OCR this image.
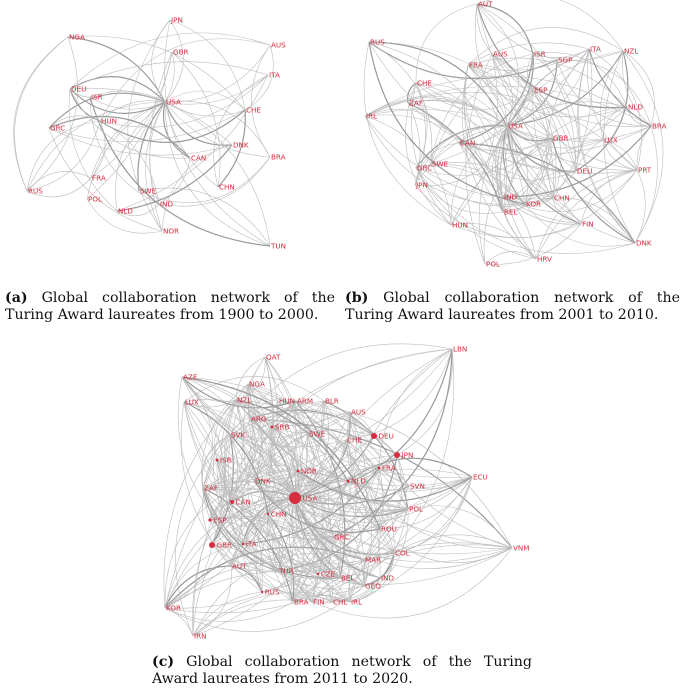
JPN
NGA
GBR
AUS
ITA
DEU
ISR
USA
CHE
GRC
HUN
DNK
CAN	BRA
FRA
RUS	SWE	CHN
POL
NLD
IND
NOR
TUN
AUT
RUS
AUS	ISR
ITA	NZL
SGP
FRA
CHE
ESP
ZAF	NLD
IRL
USA	BRA
LUX
GBR
CAN
SWE
GRC	DEU	PRT
JPN
IND	CHN
BEL
KOR
FIN
HUN
DNK
POL
HRV
LBN
QAT
AZE
NGA
LUX	NZL	HUN ARM BLR
AUS
ARG
SRB
SVK	SWE	DEU
CHE
ISR
JPN
NOR	FRA
DNK	NLD	ECU
ZAF	SVN
USA
CAN
ESP
CHN
POL
ROU
GBR ITA
GRC
MAR
COL
AUT
TUR	CZE BEL	IND
GEO
RUS
BRA FIN CHL IRL
VNM
KOR
IRN
(a) Global collaboration network of the Turing Award laureates from 1900 to 2000.
(b) Global collaboration network of the Turing Award laureates from 2001 to 2010.
(c) Global collaboration network of the Turing Award laureates from 2011 to 2020.
